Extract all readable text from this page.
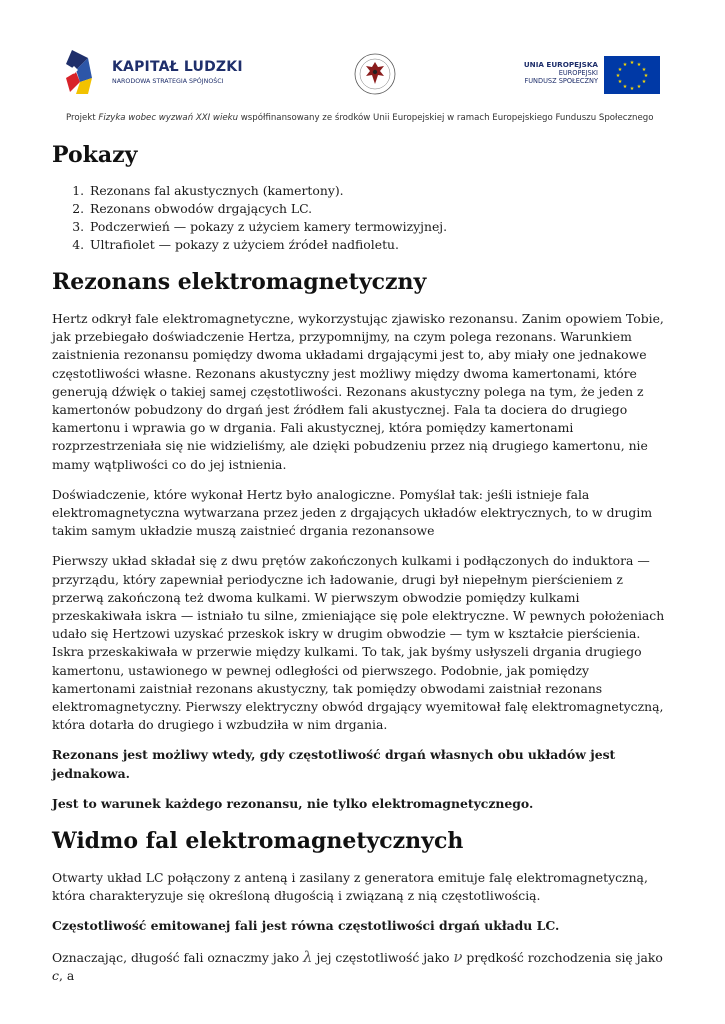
KAPITAŁ LUDZKI
NARODOWA STRATEGIA SPÓJNOŚCI
UNIA EUROPEJSKA
EUROPEJSKI
FUNDUSZ SPOŁECZNY
★ ★
★
★
★
★
★
★
★
★
★
★
Projekt Fizyka wobec wyzwań XXI wieku współfinansowany ze środków Unii Europejskiej w ramach Europejskiego Funduszu Społecznego
Pokazy
1. Rezonans fal akustycznych (kamertony).
2. Rezonans obwodów drgających LC.
3. Podczerwień — pokazy z użyciem kamery termowizyjnej.
4. Ultrafiolet — pokazy z użyciem źródeł nadfioletu.
Rezonans elektromagnetyczny

Hertz odkrył fale elektromagnetyczne, wykorzystując zjawisko rezonansu. Zanim opowiem Tobie, jak przebiegało doświadczenie Hertza, przypomnijmy, na czym polega rezonans. Warunkiem zaistnienia rezonansu pomiędzy dwoma układami drgającymi jest to, aby miały one jednakowe częstotliwości własne. Rezonans akustyczny jest możliwy między dwoma kamertonami, które generują dźwięk o takiej samej częstotliwości. Rezonans akustyczny polega na tym, że jeden z kamertonów pobudzony do drgań jest źródłem fali akustycznej. Fala ta dociera do drugiego kamertonu i wprawia go w drgania. Fali akustycznej, która pomiędzy kamertonami rozprzestrzeniała się nie widzieliśmy, ale dzięki pobudzeniu przez nią drugiego kamertonu, nie mamy wątpliwości co do jej istnienia.

Doświadczenie, które wykonał Hertz było analogiczne. Pomyślał tak: jeśli istnieje fala elektromagnetyczna wytwarzana przez jeden z drgających układów elektrycznych, to w drugim takim samym układzie muszą zaistnieć drgania rezonansowe

Pierwszy układ składał się z dwu prętów zakończonych kulkami i podłączonych do induktora — przyrządu, który zapewniał periodyczne ich ładowanie, drugi był niepełnym pierścieniem z przerwą zakończoną też dwoma kulkami. W pierwszym obwodzie pomiędzy kulkami przeskakiwała iskra — istniało tu silne, zmieniające się pole elektryczne. W pewnych położeniach udało się Hertzowi uzyskać przeskok iskry w drugim obwodzie — tym w kształcie pierścienia. Iskra przeskakiwała w przerwie między kulkami. To tak, jak byśmy usłyszeli drgania drugiego kamertonu, ustawionego w pewnej odległości od pierwszego. Podobnie, jak pomiędzy kamertonami zaistniał rezonans akustyczny, tak pomiędzy obwodami zaistniał rezonans elektromagnetyczny. Pierwszy elektryczny obwód drgający wyemitował falę elektromagnetyczną, która dotarła do drugiego i wzbudziła w nim drgania.

Rezonans jest możliwy wtedy, gdy częstotliwość drgań własnych obu układów jest jednakowa.

Jest to warunek każdego rezonansu, nie tylko elektromagnetycznego.

Widmo fal elektromagnetycznych

Otwarty układ LC połączony z anteną i zasilany z generatora emituje falę elektromagnetyczną, która charakteryzuje się określoną długością i związaną z nią częstotliwością.

Częstotliwość emitowanej fali jest równa częstotliwości drgań układu LC.

Oznaczając, długość fali oznaczmy jako λ jej częstotliwość jako ν prędkość rozchodzenia się jako c, a
